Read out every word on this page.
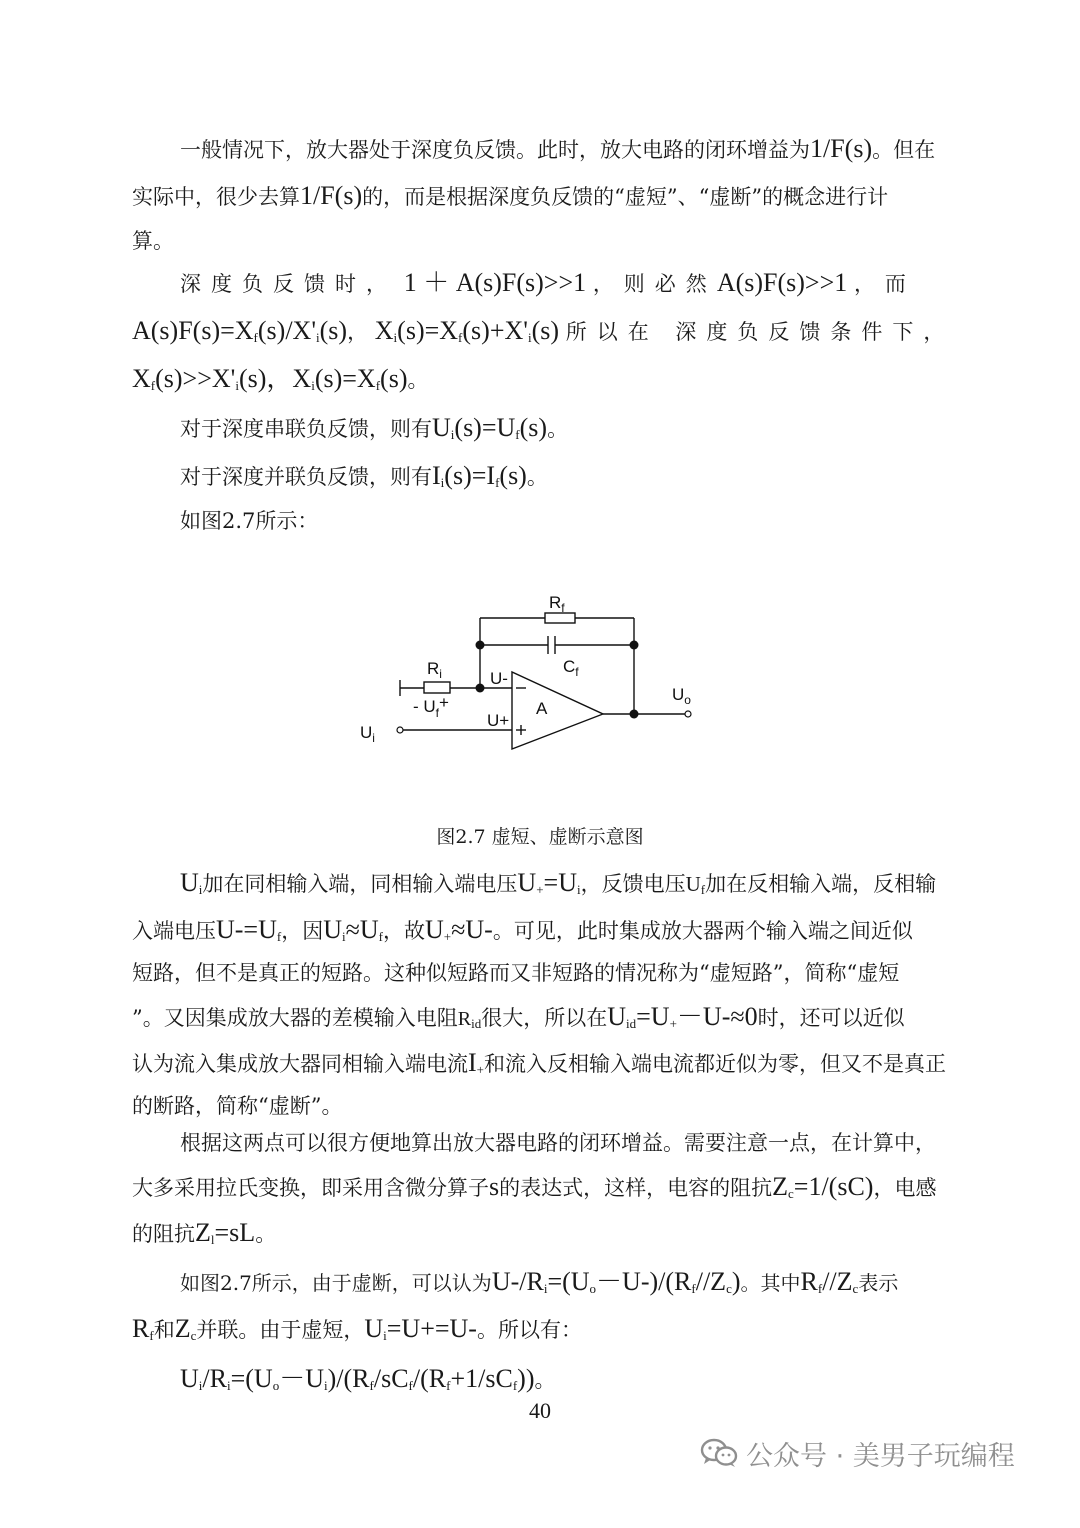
一般情况下，放大器处于深度负反馈。此时，放大电路的闭环增益为1/F(s)。但在
实际中，很少去算1/F(s)的，而是根据深度负反馈的“虚短”、“虚断”的概念进行计
算。
深度负反馈时， 1 ＋ A(s)F(s)>>1 ，则必然A(s)F(s)>>1 ，而
$A(s)F(s)=X_f(s)/X'_i(s)$， $X_i(s)=X_f(s)+X'_i(s)$ 所以在 深度负反馈条件下，
$X_f(s)>>X'_i(s)$，$X_i(s)=X_f(s)$。
对于深度串联负反馈，则有$U_i(s)=U_f(s)$。
对于深度并联负反馈，则有$I_i(s)=I_f(s)$。
如图2.7所示：
$R_f$
$C_f$
$R_i$	U-
U+
- $U_f+$
$U_i$
$U_o$
A
图2.7 虚短、虚断示意图
$U_i$加在同相输入端，同相输入端电压$U_+=U_i$，反馈电压$U_f$加在反相输入端，反相输
入端电压$U-=U_f$，因$U_i\approx U_f$，故$U_+\approx U-$。可见，此时集成放大器两个输入端之间近似
短路，但不是真正的短路。这种似短路而又非短路的情况称为“虚短路”，简称“虚短
”。又因集成放大器的差模输入电阻$R_{id}$很大，所以在$U_{id}=U_+-U-\approx 0$时，还可以近似
认为流入集成放大器同相输入端电流$I_+$和流入反相输入端电流都近似为零，但又不是真正
的断路，简称“虚断”。
根据这两点可以很方便地算出放大器电路的闭环增益。需要注意一点，在计算中，
大多采用拉氏变换，即采用含微分算子s的表达式，这样，电容的阻抗$Z_c=1/(sC)$，电感
的阻抗$Z_l=sL$。
如图2.7所示，由于虚断，可以认为$U-/R_i=(U_o-U-)/(R_f//Z_c)$。其中$R_f//Z_c$表示
$R_f$和$Z_c$并联。由于虚短，$U_i=U+=U-$。所以有：
$U_i/R_i=(U_o-U_i)/(R_f/sC_f/(R_f+1/sC_f))$。
40
公众号 · 美男子玩编程
